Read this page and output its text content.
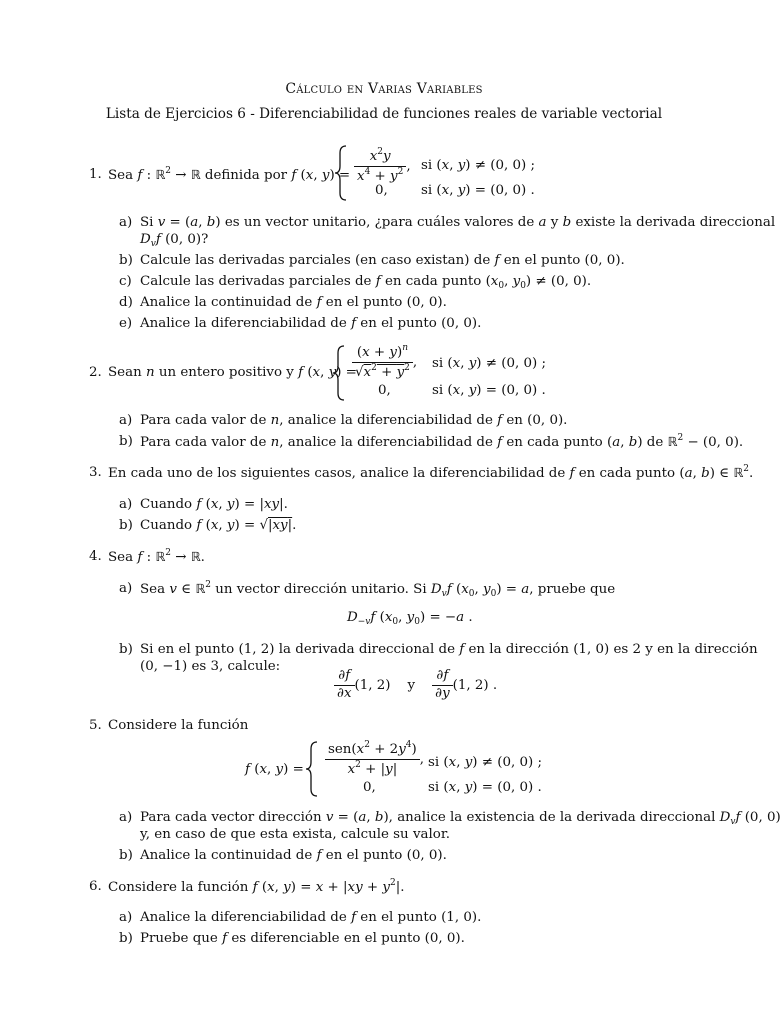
Cálculo en Varias Variables
Lista de Ejercicios 6 - Diferenciabilidad de funciones reales de variable vectorial
1. Sea f : ℝ$^2$ → ℝ definida por f (x, $y) = \frac{x^2y}{x^4 + y^2}$ , si (x, y) ≠ (0, 0) ;
0, si (x, y) = (0, 0) .
a) Si v = (a, b) es un vector unitario, ¿para cuáles valores de a y b existe la derivada direccional
$D_vf$ (0, 0)?
b) Calcule las derivadas parciales (en caso existan) de f en el punto (0, 0).
c) Calcule las derivadas parciales de f en cada punto ($x_0$, $y_0) \ne (0$, 0).
d) Analice la continuidad de f en el punto (0, 0).
e) Analice la diferenciabilidad de f en el punto (0, 0).
2. Sean n un entero positivo y f (x, y) =
$\frac{(x + y)^n}{√x^2 + y^2}$ , si (x, y) ≠ (0, 0) ;
0,	si (x, y) = (0, 0) .
a) Para cada valor de n, analice la diferenciabilidad de f en (0, 0).
b) Para cada valor de n, analice la diferenciabilidad de f en cada punto (a, b) de ℝ$^2$ − (0, 0).
3. En cada uno de los siguientes casos, analice la diferenciabilidad de f en cada punto (a, b) ∈ ℝ$^2$.
a) Cuando f (x, y) = |xy|.
b) Cuando f (x, y) = √|xy|.
4. Sea f : ℝ$^2$ → ℝ.
a) Sea v ∈ ℝ$^2$ un vector dirección unitario. Si $D_vf$ ($x_0$, $y_0) = a$, pruebe que
$D_{-v}f$ ($x_0$, $y_0) = -a$ .
b) Si en el punto (1, 2) la derivada direccional de f en la dirección (1, 0) es 2 y en la dirección
(0, −1) es 3, calcule:
$\frac{\partial f}{\partial x} (1$, 2)    y $\frac{\partial f}{\partial y} (1$, 2) .
5. Considere la función
f (x, $y) = \frac{sen(x^2 + 2y^4)}{x^2 + |y|}$ , si (x, y) ≠ (0, 0) ;
0,	si (x, y) = (0, 0) .
a) Para cada vector dirección v = (a, b), analice la existencia de la derivada direccional $D_vf$ (0, 0)
y, en caso de que esta exista, calcule su valor.
b) Analice la continuidad de f en el punto (0, 0).
6. Considere la función f (x, $y) = x + |xy + y^2|$.
a) Analice la diferenciabilidad de f en el punto (1, 0).
b) Pruebe que f es diferenciable en el punto (0, 0).
